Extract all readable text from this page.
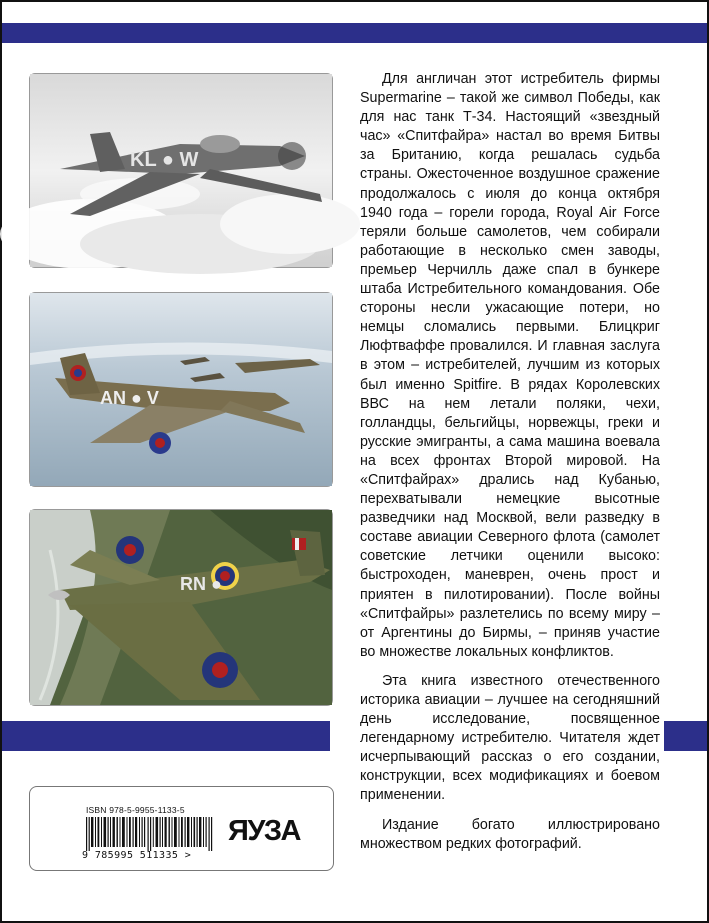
KL ● W
AN ● V
RN ●

Для англичан этот истребитель фирмы Supermarine – такой же символ Победы, как для нас танк Т-34. Настоящий «звездный час» «Спитфайра» настал во время Битвы за Британию, когда решалась судьба страны. Ожесточенное воздушное сражение продолжалось с июля до конца октября 1940 года – горели города, Royal Air Force теряли больше самолетов, чем собирали работающие в несколько смен заводы, премьер Черчилль даже спал в бункере штаба Истребительного командования. Обе стороны несли ужасающие потери, но немцы сломались первыми. Блицкриг Люфтваффе провалился. И главная заслуга в этом – истребителей, лучшим из которых был именно Spitfire. В рядах Королевских ВВС на нем летали поляки, чехи, голландцы, бельгийцы, норвежцы, греки и русские эмигранты, а сама машина воевала на всех фронтах Второй мировой. На «Спитфайрах» дрались над Кубанью, перехватывали немецкие высотные разведчики над Москвой, вели разведку в составе авиации Северного флота (самолет советские летчики оценили высоко: быстроходен, маневрен, очень прост и приятен в пилотировании). После войны «Спитфайры» разлетелись по всему миру – от Аргентины до Бирмы, – приняв участие во множестве локальных конфликтов.

Эта книга известного отечественного историка авиации – лучшее на сегодняшний день исследование, посвященное легендарному истребителю. Читателя ждет исчерпывающий рассказ о его создании, конструкции, всех модификациях и боевом применении.

Издание богато иллюстрировано множеством редких фотографий.

ISBN 978-5-9955-1133-5
9 785995 511335 >
ЯУЗА
